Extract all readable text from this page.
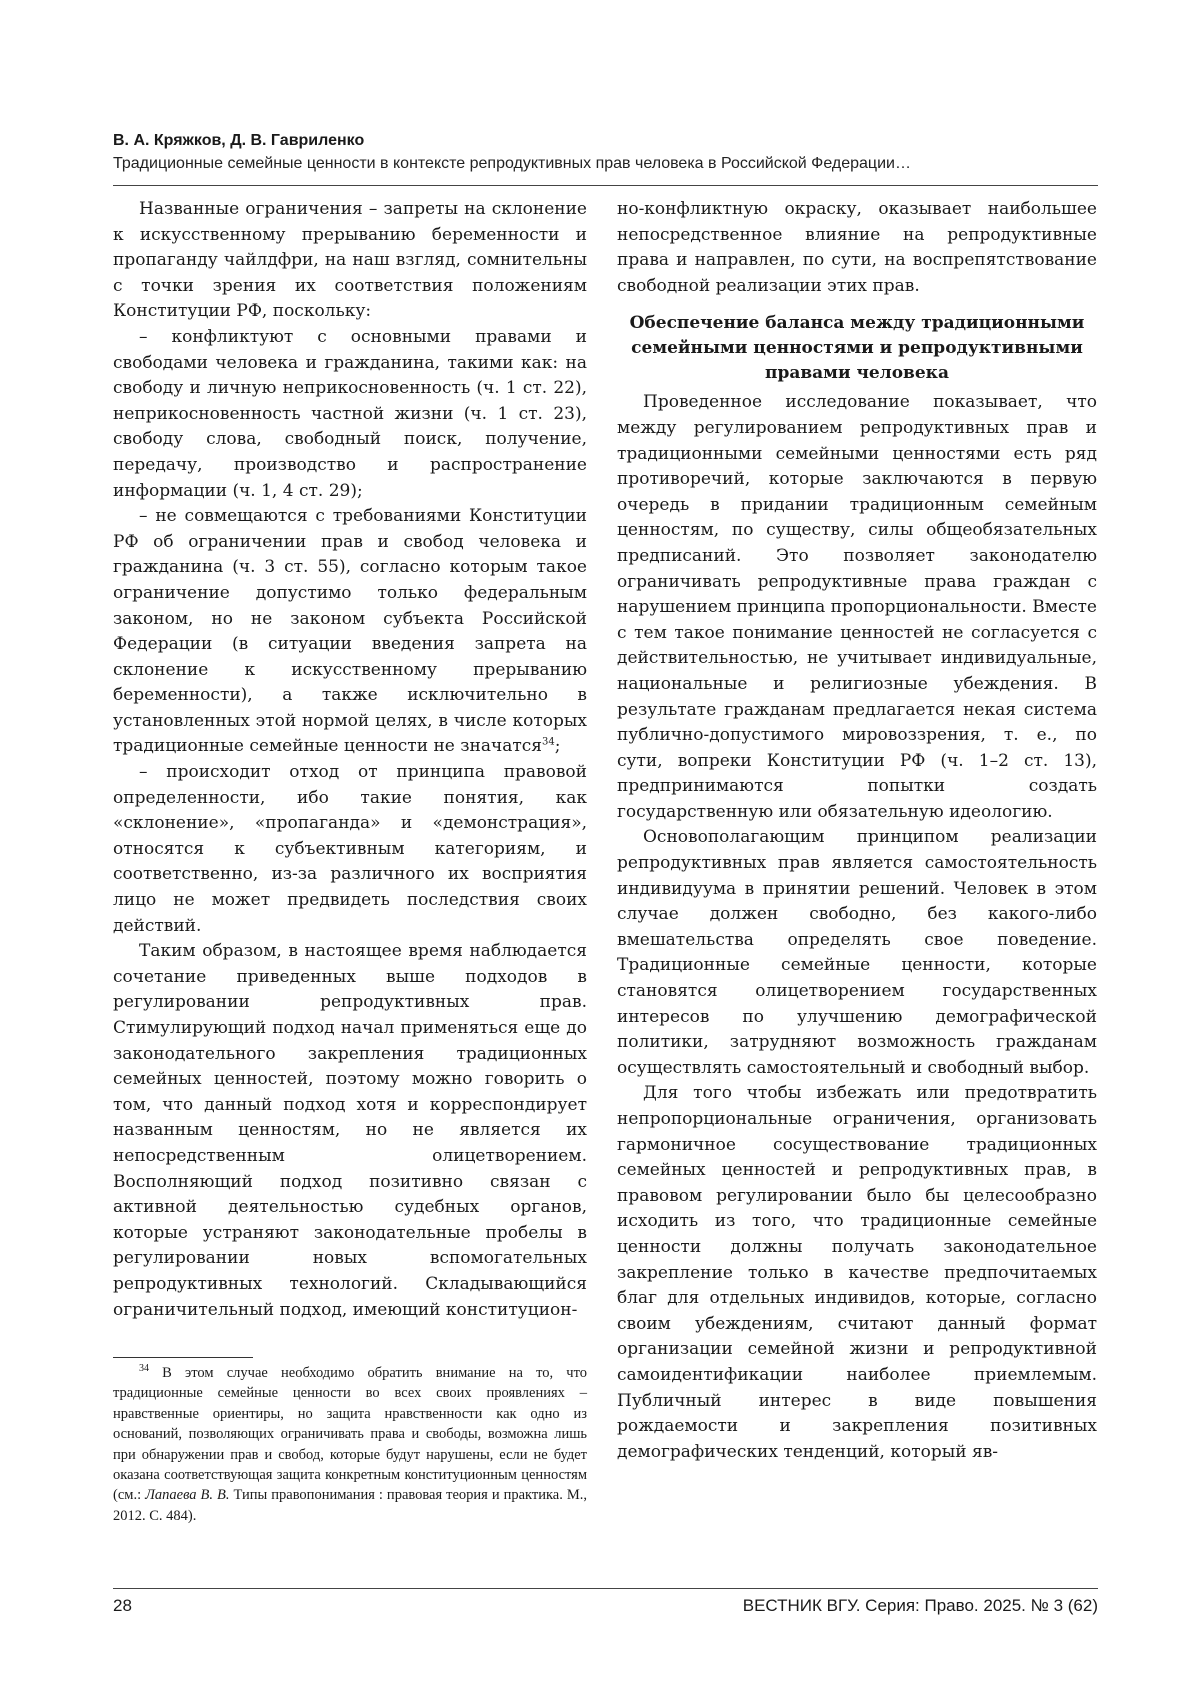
В. А. Кряжков, Д. В. Гавриленко
Традиционные семейные ценности в контексте репродуктивных прав человека в Российской Федерации…

Названные ограничения – запреты на склонение к искусственному прерыванию беременности и пропаганду чайлдфри, на наш взгляд, сомнительны с точки зрения их соответствия положениям Конституции РФ, поскольку:

– конфликтуют с основными правами и свободами человека и гражданина, такими как: на свободу и личную неприкосновенность (ч. 1 ст. 22), неприкосновенность частной жизни (ч. 1 ст. 23), свободу слова, свободный поиск, получение, передачу, производство и распространение информации (ч. 1, 4 ст. 29);

– не совмещаются с требованиями Конституции РФ об ограничении прав и свобод человека и гражданина (ч. 3 ст. 55), согласно которым такое ограничение допустимо только федеральным законом, но не законом субъекта Российской Федерации (в ситуации введения запрета на склонение к искусственному прерыванию беременности), а также исключительно в установленных этой нормой целях, в числе которых традиционные семейные ценности не значатся$^{34}$;

– происходит отход от принципа правовой определенности, ибо такие понятия, как «склонение», «пропаганда» и «демонстрация», относятся к субъективным категориям, и соответственно, из-за различного их восприятия лицо не может предвидеть последствия своих действий.

Таким образом, в настоящее время наблюдается сочетание приведенных выше подходов в регулировании репродуктивных прав. Стимулирующий подход начал применяться еще до законодательного закрепления традиционных семейных ценностей, поэтому можно говорить о том, что данный подход хотя и корреспондирует названным ценностям, но не является их непосредственным олицетворением. Восполняющий подход позитивно связан с активной деятельностью судебных органов, которые устраняют законодательные пробелы в регулировании новых вспомогательных репродуктивных технологий. Складывающийся ограничительный подход, имеющий конституцион-

$^{34}$ В этом случае необходимо обратить внимание на то, что традиционные семейные ценности во всех своих проявлениях – нравственные ориентиры, но защита нравственности как одно из оснований, позволяющих ограничивать права и свободы, возможна лишь при обнаружении прав и свобод, которые будут нарушены, если не будет оказана соответствующая защита конкретным конституционным ценностям (см.: Лапаева В. В. Типы правопонимания : правовая теория и практика. М., 2012. С. 484).

но-конфликтную окраску, оказывает наибольшее непосредственное влияние на репродуктивные права и направлен, по сути, на воспрепятствование свободной реализации этих прав.

Обеспечение баланса между традиционными семейными ценностями и репродуктивными правами человека

Проведенное исследование показывает, что между регулированием репродуктивных прав и традиционными семейными ценностями есть ряд противоречий, которые заключаются в первую очередь в придании традиционным семейным ценностям, по существу, силы общеобязательных предписаний. Это позволяет законодателю ограничивать репродуктивные права граждан с нарушением принципа пропорциональности. Вместе с тем такое понимание ценностей не согласуется с действительностью, не учитывает индивидуальные, национальные и религиозные убеждения. В результате гражданам предлагается некая система публично-допустимого мировоззрения, т. е., по сути, вопреки Конституции РФ (ч. 1–2 ст. 13), предпринимаются попытки создать государственную или обязательную идеологию.

Основополагающим принципом реализации репродуктивных прав является самостоятельность индивидуума в принятии решений. Человек в этом случае должен свободно, без какого-либо вмешательства определять свое поведение. Традиционные семейные ценности, которые становятся олицетворением государственных интересов по улучшению демографической политики, затрудняют возможность гражданам осуществлять самостоятельный и свободный выбор.

Для того чтобы избежать или предотвратить непропорциональные ограничения, организовать гармоничное сосуществование традиционных семейных ценностей и репродуктивных прав, в правовом регулировании было бы целесообразно исходить из того, что традиционные семейные ценности должны получать законодательное закрепление только в качестве предпочитаемых благ для отдельных индивидов, которые, согласно своим убеждениям, считают данный формат организации семейной жизни и репродуктивной самоидентификации наиболее приемлемым. Публичный интерес в виде повышения рождаемости и закрепления позитивных демографических тенденций, который яв-

28	ВЕСТНИК ВГУ. Серия: Право. 2025. № 3 (62)
